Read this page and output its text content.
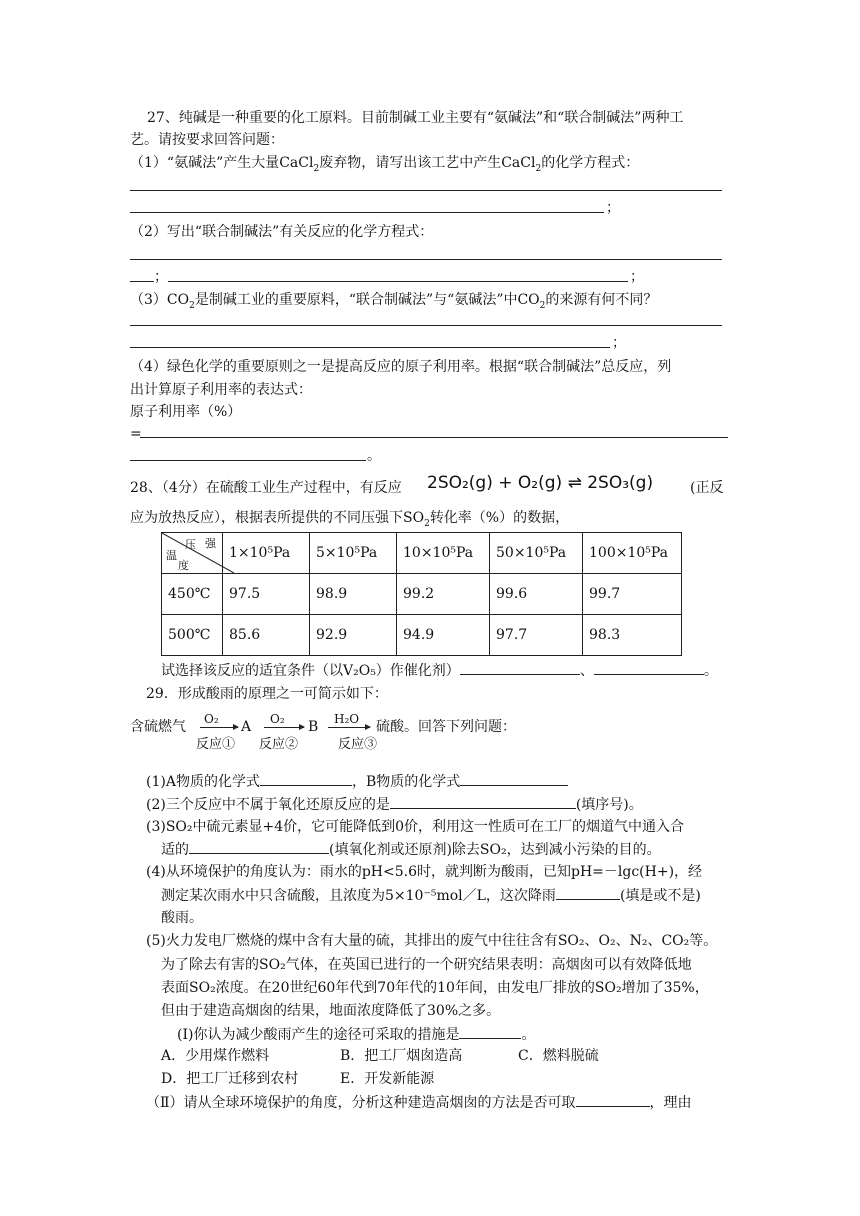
27、纯碱是一种重要的化工原料。目前制碱工业主要有“氨碱法”和“联合制碱法”两种工
艺。请按要求回答问题：
（1）“氨碱法”产生大量CaCl$_2$废弃物，请写出该工艺中产生CaCl$_2$的化学方程式：
；
（2）写出“联合制碱法”有关反应的化学方程式：
；	；
$(3)CO_2$是制碱工业的重要原料，“联合制碱法”与“氨碱法”中$CO_2$的来源有何不同？
；
（4）绿色化学的重要原则之一是提高反应的原子利用率。根据“联合制碱法”总反应，列
出计算原子利用率的表达式：
原子利用率（%）
=
。
28、（4分）在硫酸工业生产过程中，有反应 2SO₂(g) + O₂(g) ⇌ 2SO₃(g)	(正反
应为放热反应），根据表所提供的不同压强下$SO_2$转化率（%）的数据，
强
压
温
度	1×10⁵Pa	5×10⁵Pa	10×10⁵Pa	50×10⁵Pa	100×10⁵Pa
450℃	97.5	98.9	99.2	99.6	99.7
500℃	85.6	92.9	94.9	97.7	98.3
试选择该反应的适宜条件（以V₂O₅）作催化剂）	、	。
29．形成酸雨的原理之一可简示如下：
含硫燃气 O₂ A O₂ B H₂O 硫酸。回答下列问题：
反应① 反应②	反应③
(1)A物质的化学式	，B物质的化学式
(2)三个反应中不属于氧化还原反应的是	(填序号)。
(3)SO₂中硫元素显+4价，它可能降低到0价，利用这一性质可在工厂的烟道气中通入合
适的	(填氧化剂或还原剂)除去SO₂，达到减小污染的目的。
(4)从环境保护的角度认为：雨水的pH<5.6时，就判断为酸雨，已知pH=－lgc(H+)，经
测定某次雨水中只含硫酸，且浓度为5×10⁻⁵mol／L，这次降雨	(填是或不是)
酸雨。
(5)火力发电厂燃烧的煤中含有大量的硫，其排出的废气中往往含有SO₂、O₂、N₂、CO₂等。
为了除去有害的SO₂气体，在英国已进行的一个研究结果表明：高烟囱可以有效降低地
表面SO₂浓度。在20世纪60年代到70年代的10年间，由发电厂排放的SO₂增加了35%，
但由于建造高烟囱的结果，地面浓度降低了30%之多。
(Ⅰ)你认为减少酸雨产生的途径可采取的措施是	。
A．少用煤作燃料	B．把工厂烟囱造高	C．燃料脱硫
D．把工厂迁移到农村	E．开发新能源
（Ⅱ）请从全球环境保护的角度，分析这种建造高烟囱的方法是否可取	，理由
